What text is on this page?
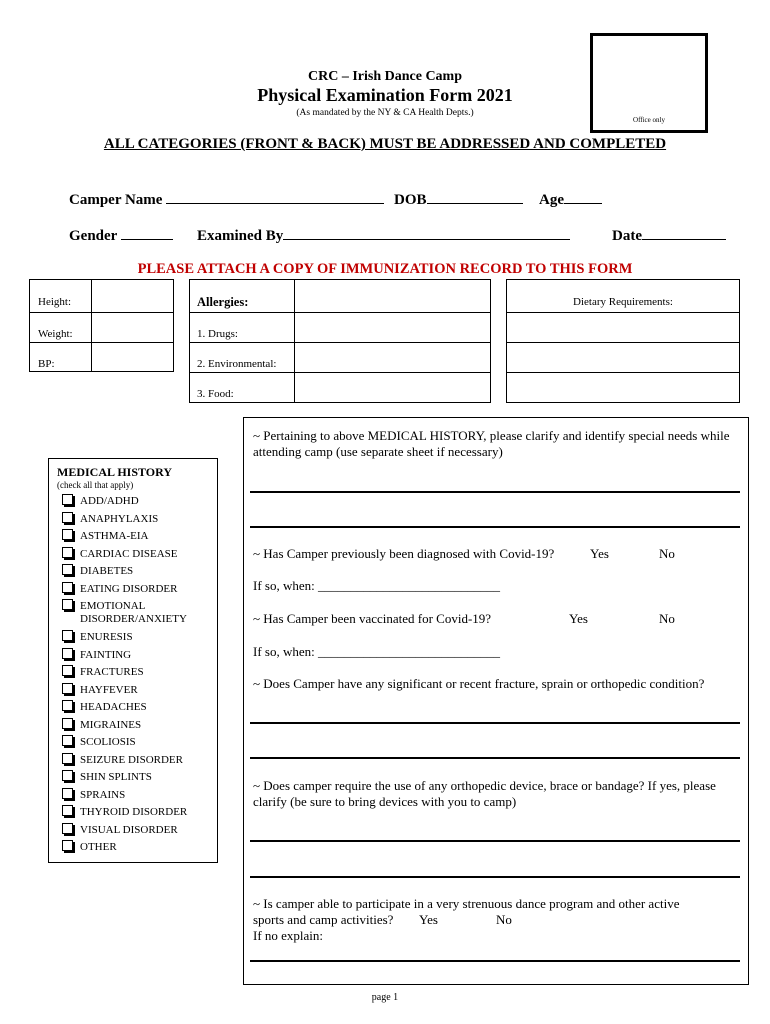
Office only
CRC – Irish Dance Camp
Physical Examination Form 2021
(As mandated by the NY & CA Health Depts.)
ALL CATEGORIES (FRONT & BACK) MUST BE ADDRESSED AND COMPLETED
Camper Name	DOB	Age
Gender	Examined By	Date
PLEASE ATTACH A COPY OF IMMUNIZATION RECORD TO THIS FORM
Height:
Weight:
BP:
Allergies:
1. Drugs:
2. Environmental:
3. Food:
Dietary Requirements:
MEDICAL HISTORY
(check all that apply)
ADD/ADHD
ANAPHYLAXIS
ASTHMA-EIA
CARDIAC DISEASE
DIABETES
EATING DISORDER
EMOTIONAL DISORDER/ANXIETY
ENURESIS
FAINTING
FRACTURES
HAYFEVER
HEADACHES
MIGRAINES
SCOLIOSIS
SEIZURE DISORDER
SHIN SPLINTS
SPRAINS
THYROID DISORDER
VISUAL DISORDER
OTHER
~ Pertaining to above MEDICAL HISTORY, please clarify and identify special needs while attending camp (use separate sheet if necessary)
~ Has Camper previously been diagnosed with Covid-19?	Yes	No
If so, when: ____________________________
~ Has Camper been vaccinated for Covid-19?	Yes	No
If so, when: ____________________________
~ Does Camper have any significant or recent fracture, sprain or orthopedic condition?
~ Does camper require the use of any orthopedic device, brace or bandage? If yes, please clarify (be sure to bring devices with you to camp)
~ Is camper able to participate in a very strenuous dance program and other active
sports and camp activities? Yes	No
If no explain:
page 1
